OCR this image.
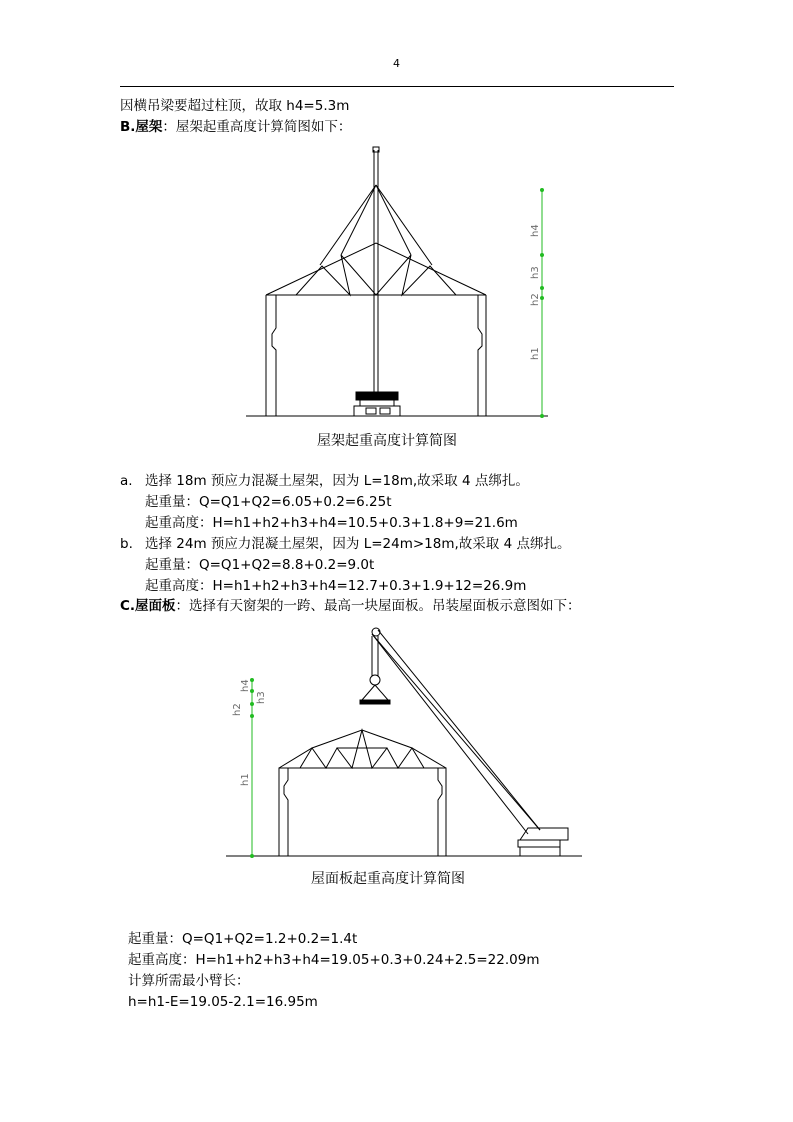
4
因横吊梁要超过柱顶，故取 h4=5.3m
B.屋架：屋架起重高度计算简图如下：
h1
h2
h3
h4
h1
h2
h3
h4
屋架起重高度计算简图
a. 选择 18m 预应力混凝土屋架，因为 L=18m,故采取 4 点绑扎。
起重量：Q=Q1+Q2=6.05+0.2=6.25t
起重高度：H=h1+h2+h3+h4=10.5+0.3+1.8+9=21.6m
b. 选择 24m 预应力混凝土屋架，因为 L=24m>18m,故采取 4 点绑扎。
起重量：Q=Q1+Q2=8.8+0.2=9.0t
起重高度：H=h1+h2+h3+h4=12.7+0.3+1.9+12=26.9m
C.屋面板：选择有天窗架的一跨、最高一块屋面板。吊装屋面板示意图如下：
屋面板起重高度计算简图
起重量：Q=Q1+Q2=1.2+0.2=1.4t
起重高度：H=h1+h2+h3+h4=19.05+0.3+0.24+2.5=22.09m
计算所需最小臂长：
h=h1-E=19.05-2.1=16.95m
